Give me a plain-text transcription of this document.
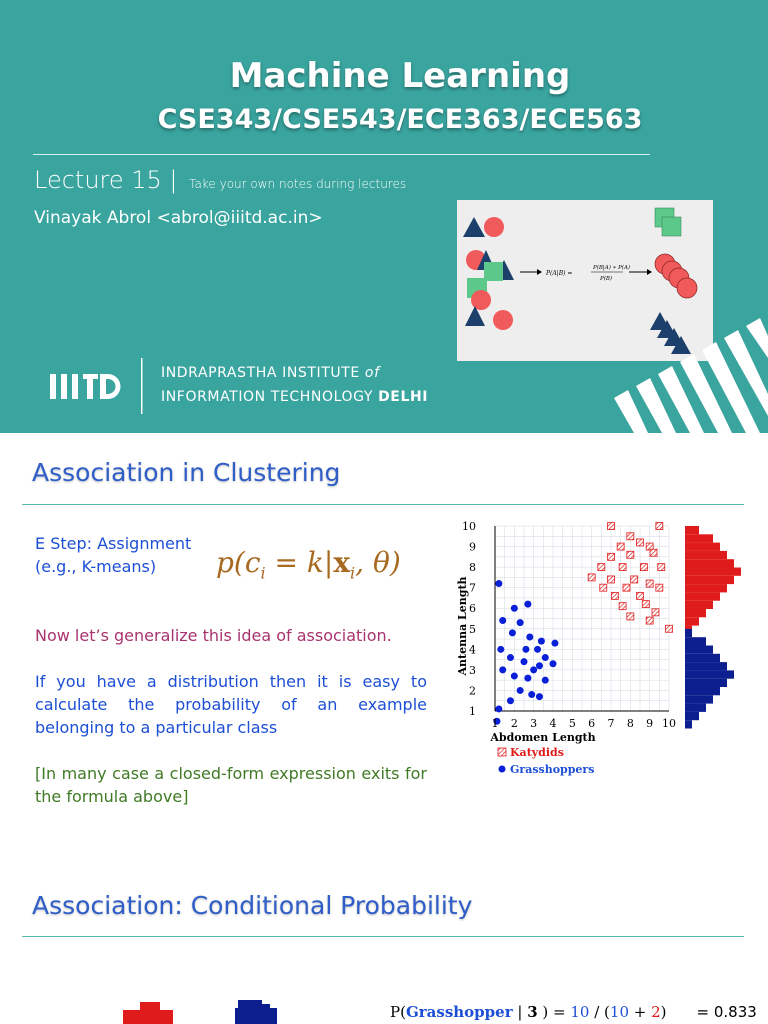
Machine Learning
CSE343/CSE543/ECE363/ECE563
Lecture 15 | Take your own notes during lectures
Vinayak Abrol <abrol@iiitd.ac.in>
P(A|B) =
P(B|A) ∗ P(A)
P(B)
INDRAPRASTHA INSTITUTE of
INFORMATION TECHNOLOGY DELHI
Association in Clustering
E Step: Assignment
(e.g., K-means)	$p(c_i = k|x_i$, θ)
Now let’s generalize this idea of association.
If you have a distribution then it is easy to calculate the probability of an example belonging to a particular class
[In many case a closed-form expression exits for the formula above]
1 2 3 4 5 6 7 8 9 10
1
2
3
4
5
6
7
8
9
10
Abdomen Length
Antenna Length
Katydids
Grasshoppers
Association: Conditional Probability
P(Grasshopper | 3 ) = 10 / (10 + 2) = 0.833
